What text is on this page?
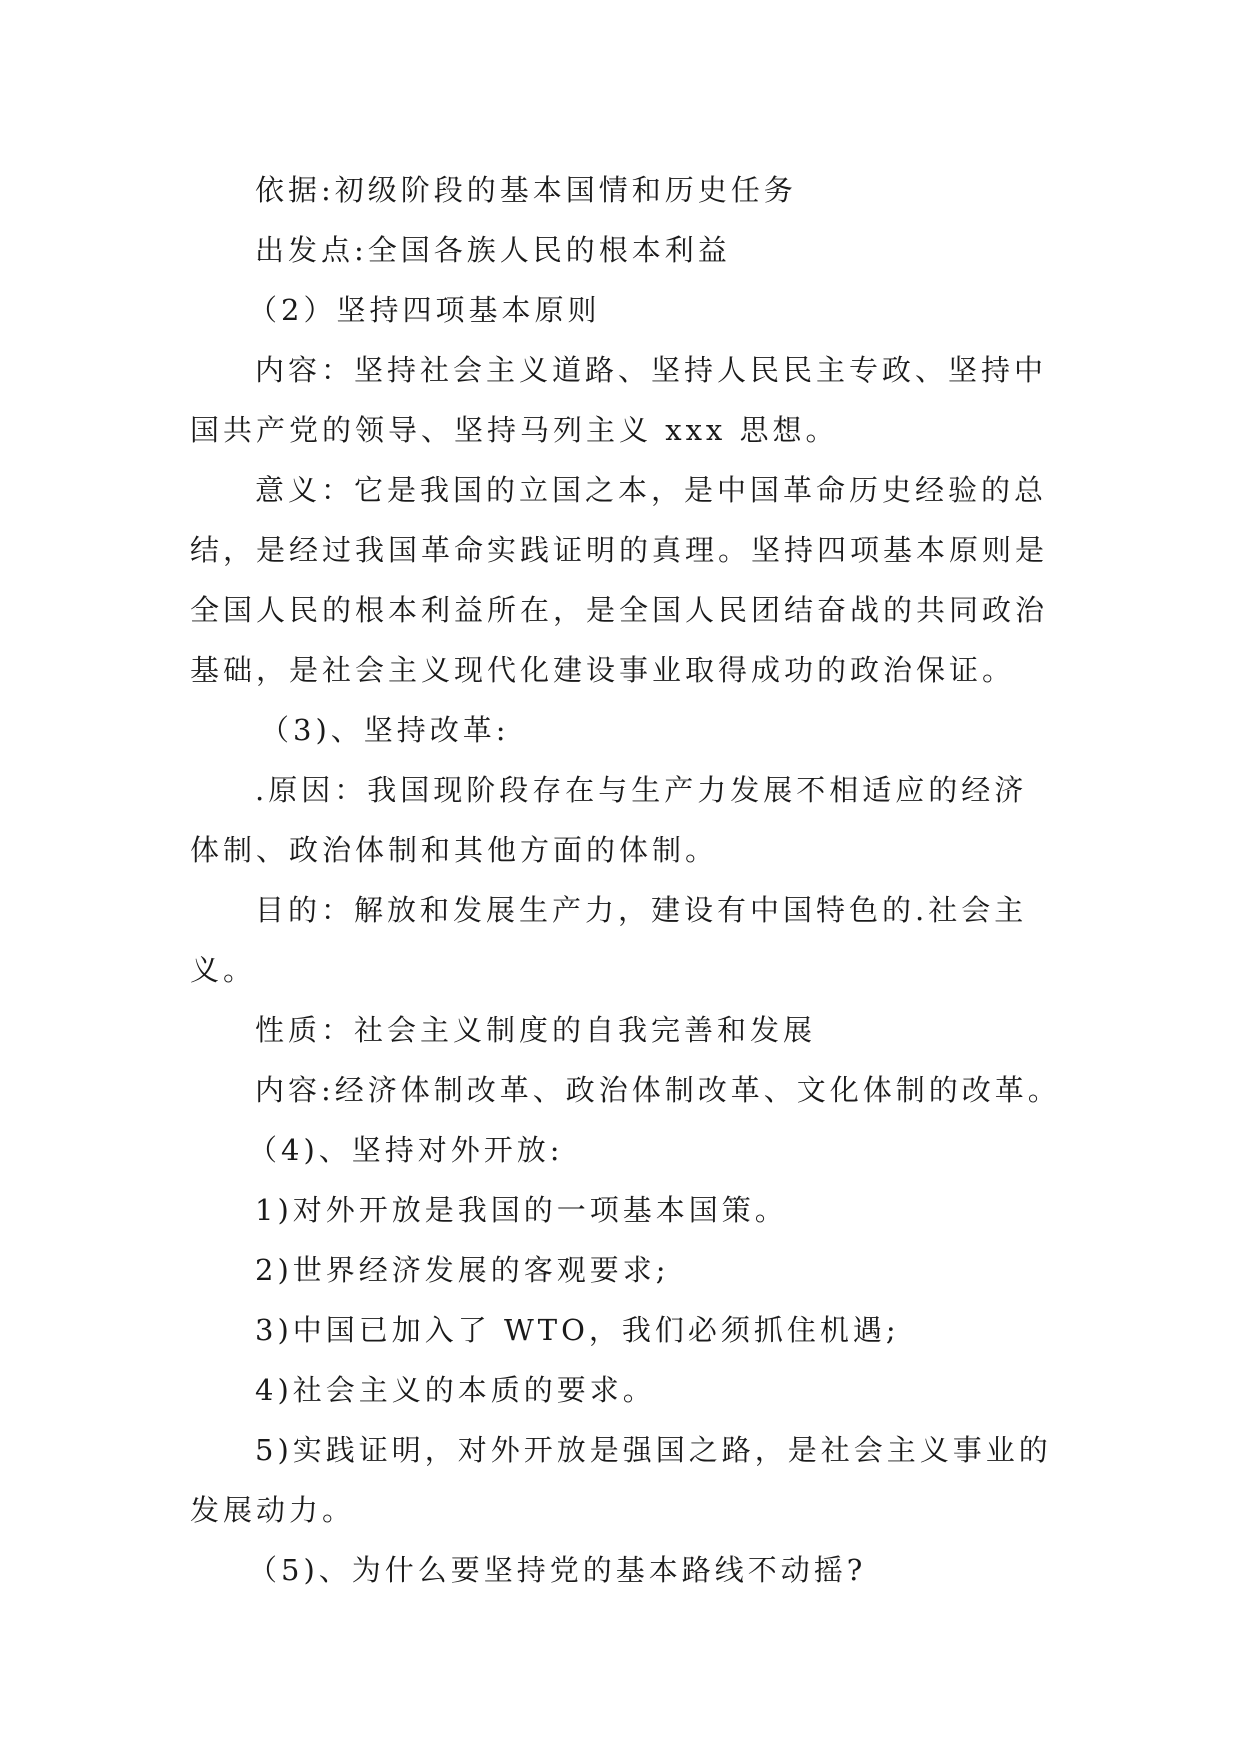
依据:初级阶段的基本国情和历史任务
出发点:全国各族人民的根本利益
（2）坚持四项基本原则
内容：坚持社会主义道路、坚持人民民主专政、坚持中
国共产党的领导、坚持马列主义 xxx 思想。
意义：它是我国的立国之本，是中国革命历史经验的总
结，是经过我国革命实践证明的真理。坚持四项基本原则是
全国人民的根本利益所在，是全国人民团结奋战的共同政治
基础，是社会主义现代化建设事业取得成功的政治保证。
（3)、坚持改革:
.原因：我国现阶段存在与生产力发展不相适应的经济
体制、政治体制和其他方面的体制。
目的：解放和发展生产力，建设有中国特色的.社会主
义。
性质：社会主义制度的自我完善和发展
内容:经济体制改革、政治体制改革、文化体制的改革。
（4)、坚持对外开放:
1)对外开放是我国的一项基本国策。
2)世界经济发展的客观要求;
3)中国已加入了 WTO，我们必须抓住机遇;
4)社会主义的本质的要求。
5)实践证明，对外开放是强国之路，是社会主义事业的
发展动力。
（5)、为什么要坚持党的基本路线不动摇?
